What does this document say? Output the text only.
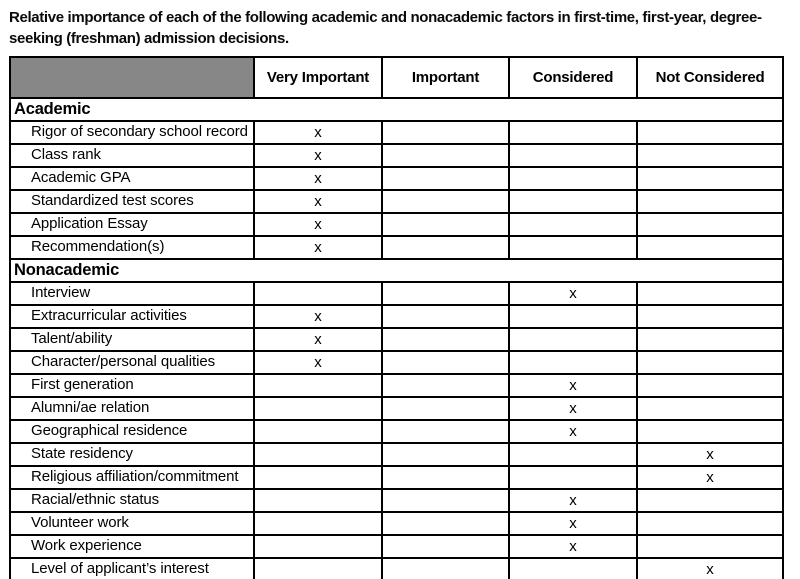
Relative importance of each of the following academic and nonacademic factors in first-time, first-year, degree-seeking (freshman) admission decisions.
	Very Important	Important	Considered	Not Considered
Academic				
Rigor of secondary school record	x			
Class rank	x			
Academic GPA	x			
Standardized test scores	x			
Application Essay	x			
Recommendation(s)	x			
Nonacademic				
Interview			x	
Extracurricular activities	x			
Talent/ability	x			
Character/personal qualities	x			
First generation			x	
Alumni/ae relation			x	
Geographical residence			x	
State residency				x
Religious affiliation/commitment				x
Racial/ethnic status			x	
Volunteer work			x	
Work experience			x	
Level of applicant’s interest				x
